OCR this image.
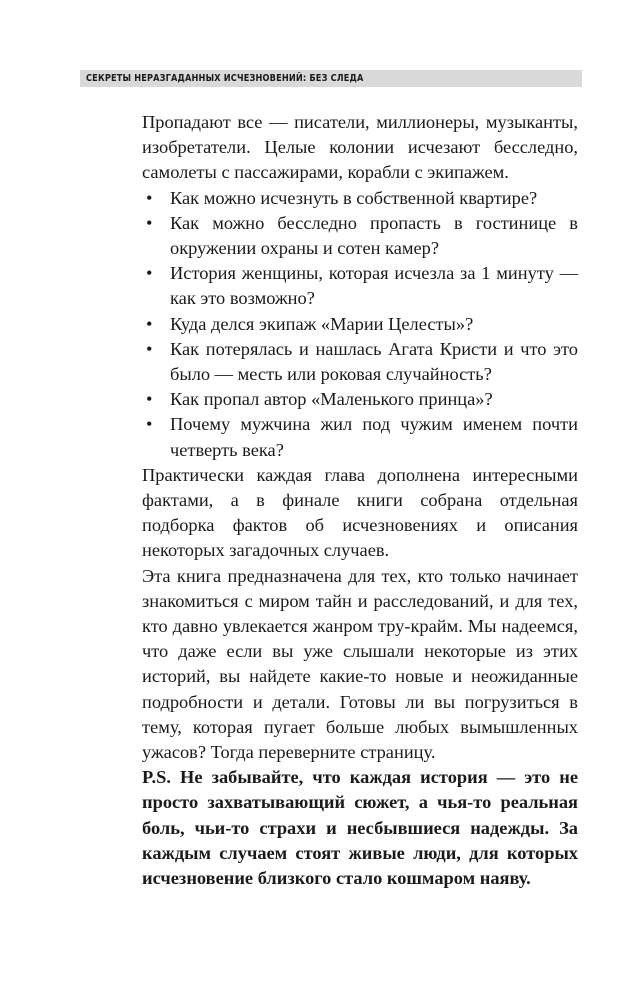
СЕКРЕТЫ НЕРАЗГАДАННЫХ ИСЧЕЗНОВЕНИЙ: БЕЗ СЛЕДА

Пропадают все — писатели, миллионеры, музыканты, изобретатели. Целые колонии исчезают бесследно, самолеты с пассажирами, корабли с экипажем.

• Как можно исчезнуть в собственной квартире?
• Как можно бесследно пропасть в гостинице в окружении охраны и сотен камер?
• История женщины, которая исчезла за 1 минуту — как это возможно?
• Куда делся экипаж «Марии Целесты»?
• Как потерялась и нашлась Агата Кристи и что это было — месть или роковая случайность?
• Как пропал автор «Маленького принца»?
• Почему мужчина жил под чужим именем почти четверть века?

Практически каждая глава дополнена интересными фактами, а в финале книги собрана отдельная подборка фактов об исчезновениях и описания некоторых загадочных случаев.

Эта книга предназначена для тех, кто только начинает знакомиться с миром тайн и расследований, и для тех, кто давно увлекается жанром тру-крайм. Мы надеемся, что даже если вы уже слышали некоторые из этих историй, вы найдете какие-то новые и неожиданные подробности и детали. Готовы ли вы погрузиться в тему, которая пугает больше любых вымышленных ужасов? Тогда переверните страницу.

P.S. Не забывайте, что каждая история — это не просто захватывающий сюжет, а чья-то реальная боль, чьи-то страхи и несбывшиеся надежды. За каждым случаем стоят живые люди, для которых исчезновение близкого стало кошмаром наяву.
